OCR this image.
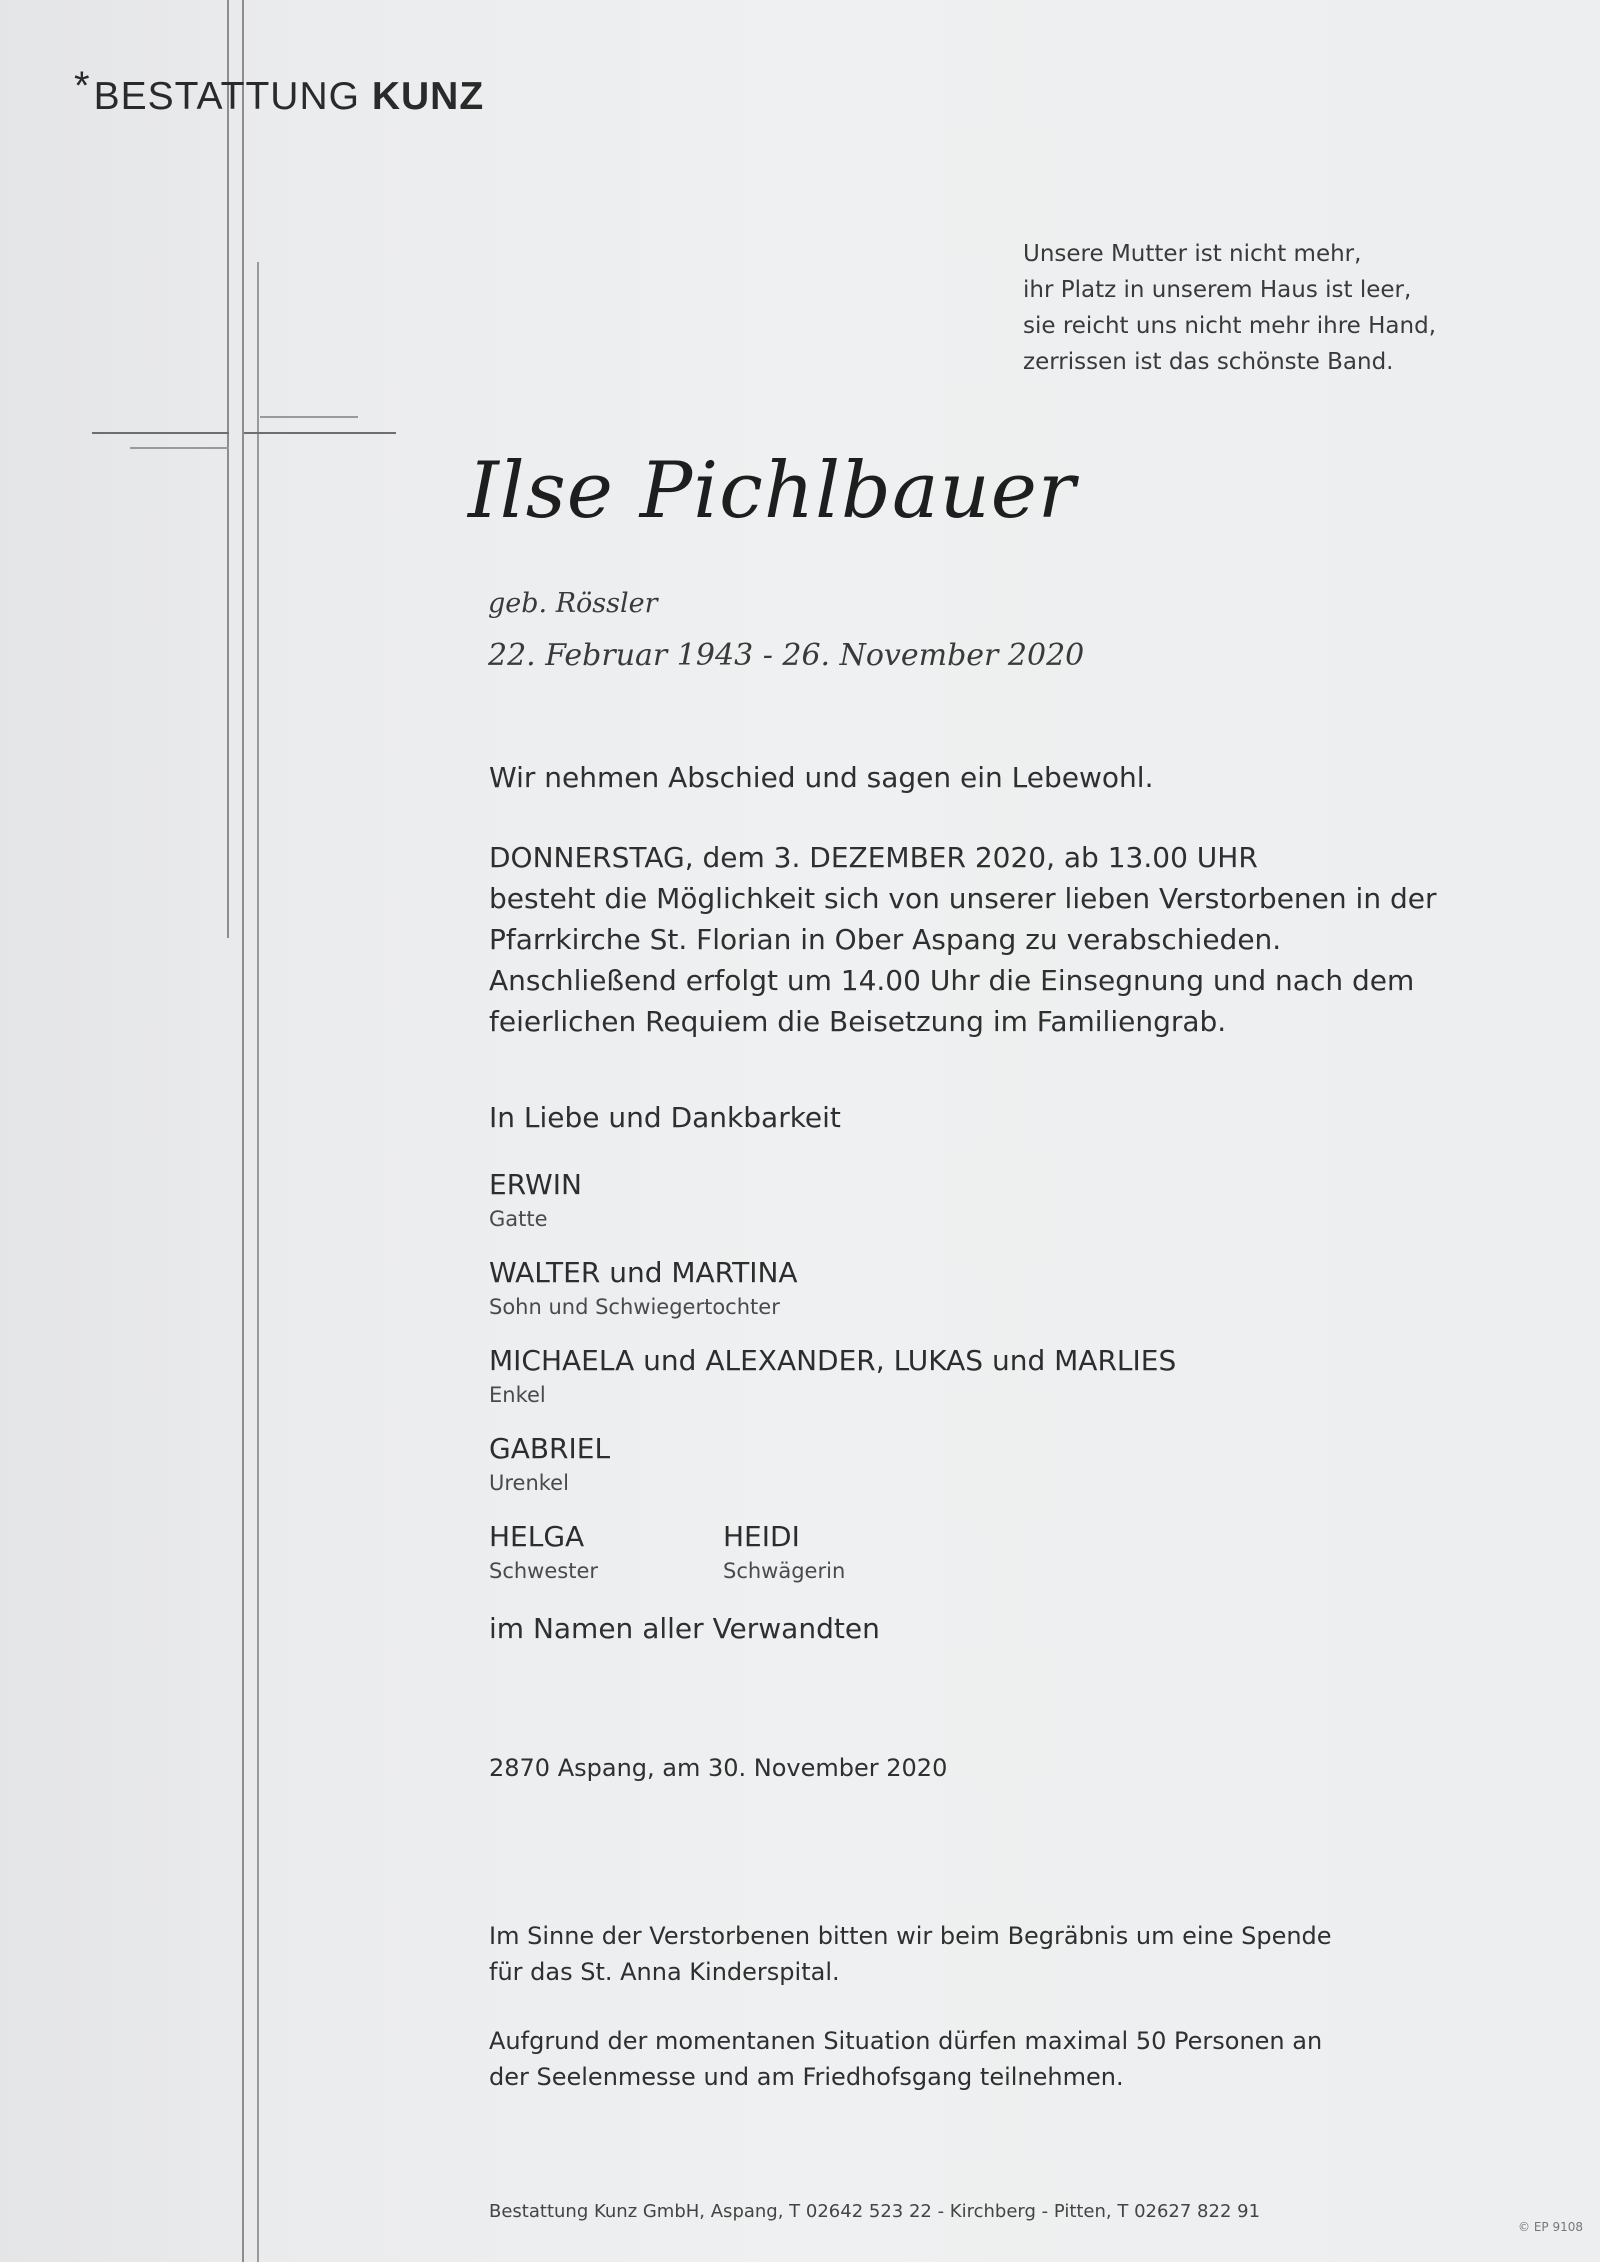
*BESTATTUNG KUNZ
Unsere Mutter ist nicht mehr,
ihr Platz in unserem Haus ist leer,
sie reicht uns nicht mehr ihre Hand,
zerrissen ist das schönste Band.
Ilse Pichlbauer
geb. Rössler
22. Februar 1943 - 26. November 2020
Wir nehmen Abschied und sagen ein Lebewohl.
DONNERSTAG, dem 3. DEZEMBER 2020, ab 13.00 UHR
besteht die Möglichkeit sich von unserer lieben Verstorbenen in der
Pfarrkirche St. Florian in Ober Aspang zu verabschieden.
Anschließend erfolgt um 14.00 Uhr die Einsegnung und nach dem
feierlichen Requiem die Beisetzung im Familiengrab.
In Liebe und Dankbarkeit
ERWIN
Gatte
WALTER und MARTINA
Sohn und Schwiegertochter
MICHAELA und ALEXANDER, LUKAS und MARLIES
Enkel
GABRIEL
Urenkel
HELGA
Schwester
HEIDI
Schwägerin
im Namen aller Verwandten
2870 Aspang, am 30. November 2020
Im Sinne der Verstorbenen bitten wir beim Begräbnis um eine Spende
für das St. Anna Kinderspital.
Aufgrund der momentanen Situation dürfen maximal 50 Personen an
der Seelenmesse und am Friedhofsgang teilnehmen.
Bestattung Kunz GmbH, Aspang, T 02642 523 22 - Kirchberg - Pitten, T 02627 822 91
© EP 9108
